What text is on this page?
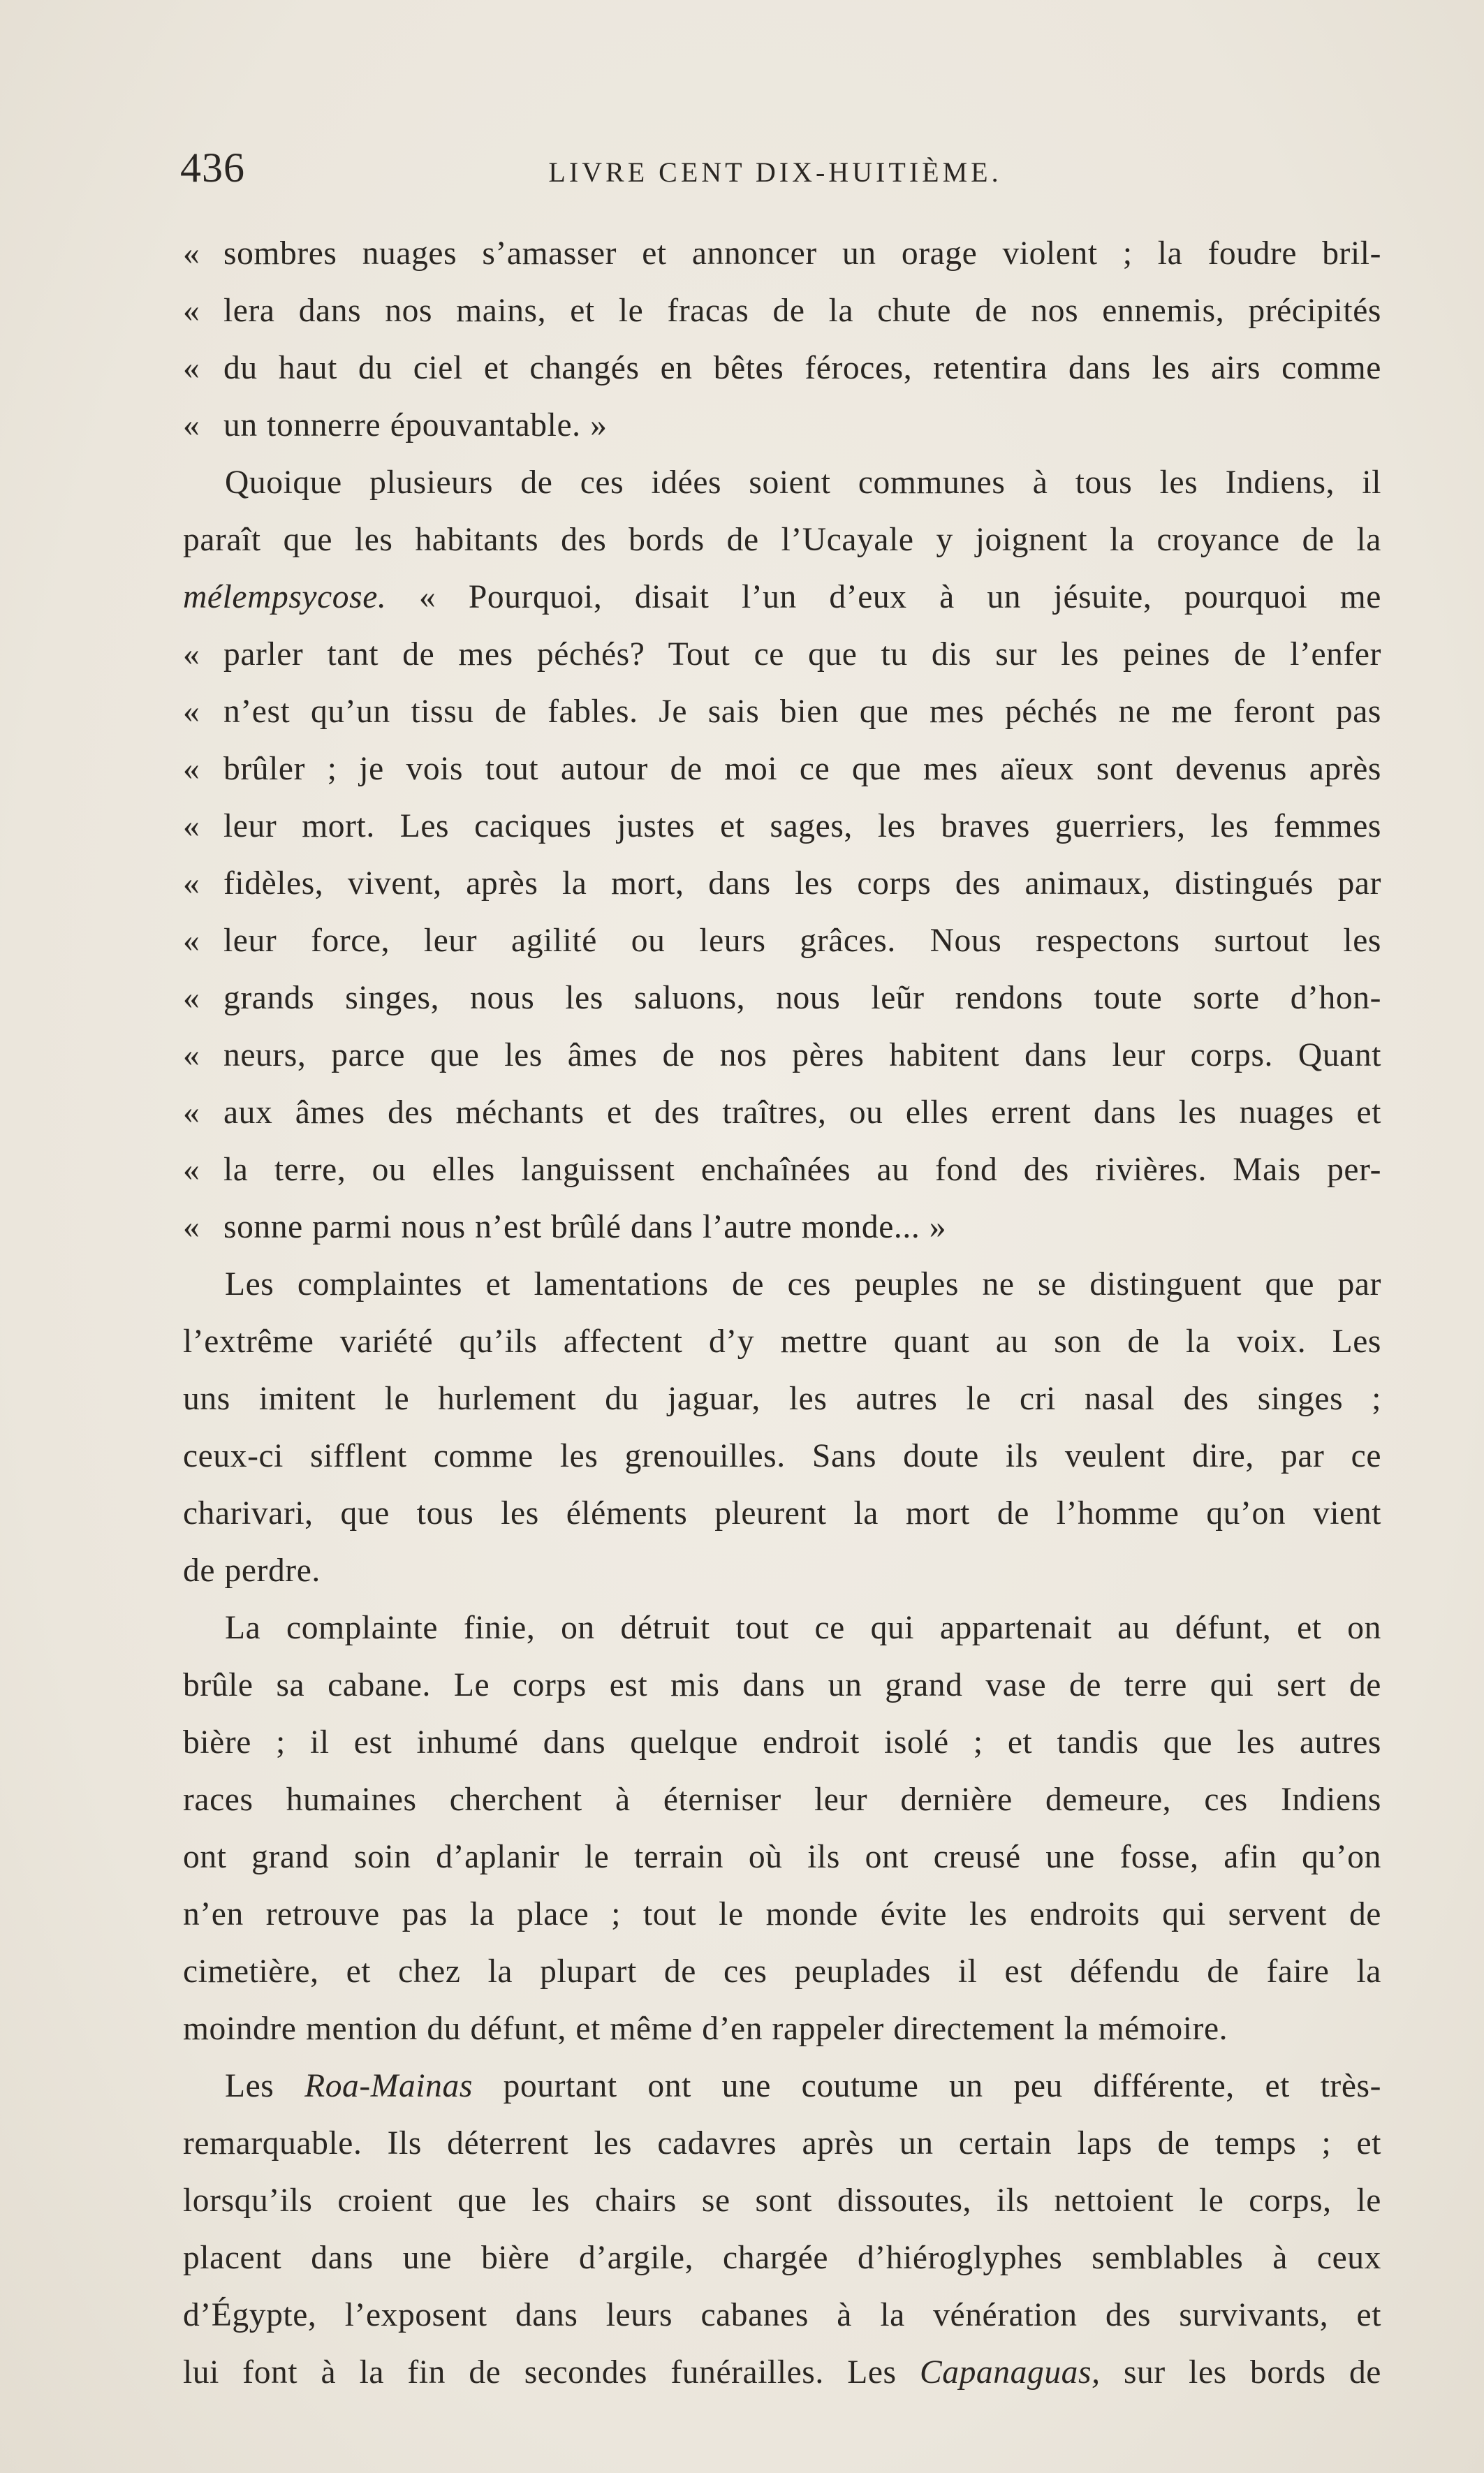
436	LIVRE CENT DIX-HUITIÈME.
« sombres nuages s’amasser et annoncer un orage violent ; la foudre bril-
« lera dans nos mains, et le fracas de la chute de nos ennemis, précipités
« du haut du ciel et changés en bêtes féroces, retentira dans les airs comme
« un tonnerre épouvantable. »
Quoique plusieurs de ces idées soient communes à tous les Indiens, il
paraît que les habitants des bords de l’Ucayale y joignent la croyance de la
mélempsycose. « Pourquoi, disait l’un d’eux à un jésuite, pourquoi me
« parler tant de mes péchés? Tout ce que tu dis sur les peines de l’enfer
« n’est qu’un tissu de fables. Je sais bien que mes péchés ne me feront pas
« brûler ; je vois tout autour de moi ce que mes aïeux sont devenus après
« leur mort. Les caciques justes et sages, les braves guerriers, les femmes
« fidèles, vivent, après la mort, dans les corps des animaux, distingués par
« leur force, leur agilité ou leurs grâces. Nous respectons surtout les
« grands singes, nous les saluons, nous leũr rendons toute sorte d’hon-
« neurs, parce que les âmes de nos pères habitent dans leur corps. Quant
« aux âmes des méchants et des traîtres, ou elles errent dans les nuages et
« la terre, ou elles languissent enchaînées au fond des rivières. Mais per-
« sonne parmi nous n’est brûlé dans l’autre monde... »
Les complaintes et lamentations de ces peuples ne se distinguent que par
l’extrême variété qu’ils affectent d’y mettre quant au son de la voix. Les
uns imitent le hurlement du jaguar, les autres le cri nasal des singes ;
ceux-ci sifflent comme les grenouilles. Sans doute ils veulent dire, par ce
charivari, que tous les éléments pleurent la mort de l’homme qu’on vient
de perdre.
La complainte finie, on détruit tout ce qui appartenait au défunt, et on
brûle sa cabane. Le corps est mis dans un grand vase de terre qui sert de
bière ; il est inhumé dans quelque endroit isolé ; et tandis que les autres
races humaines cherchent à éterniser leur dernière demeure, ces Indiens
ont grand soin d’aplanir le terrain où ils ont creusé une fosse, afin qu’on
n’en retrouve pas la place ; tout le monde évite les endroits qui servent de
cimetière, et chez la plupart de ces peuplades il est défendu de faire la
moindre mention du défunt, et même d’en rappeler directement la mémoire.
Les Roa-Mainas pourtant ont une coutume un peu différente, et très-
remarquable. Ils déterrent les cadavres après un certain laps de temps ; et
lorsqu’ils croient que les chairs se sont dissoutes, ils nettoient le corps, le
placent dans une bière d’argile, chargée d’hiéroglyphes semblables à ceux
d’Égypte, l’exposent dans leurs cabanes à la vénération des survivants, et
lui font à la fin de secondes funérailles. Les Capanaguas, sur les bords de
